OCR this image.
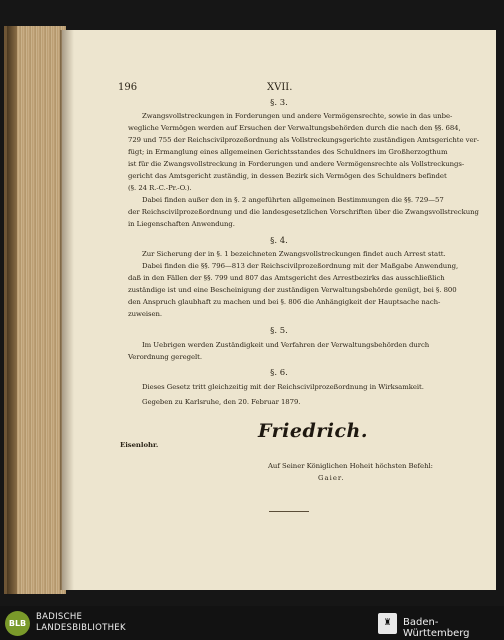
196	XVII.
§. 3.
Zwangsvollstreckungen in Forderungen und andere Vermögensrechte, sowie in das unbe-
wegliche Vermögen werden auf Ersuchen der Verwaltungsbehörden durch die nach den §§. 684,
729 und 755 der Reichscivilprozeßordnung als Vollstreckungsgerichte zuständigen Amtsgerichte ver-
fügt; in Ermanglung eines allgemeinen Gerichtsstandes des Schuldners im Großherzogthum
ist für die Zwangsvollstreckung in Forderungen und andere Vermögensrechte als Vollstreckungs-
gericht das Amtsgericht zuständig, in dessen Bezirk sich Vermögen des Schuldners befindet
(§. 24 R.-C.-Pr.-O.).
Dabei finden außer den in §. 2 angeführten allgemeinen Bestimmungen die §§. 729—57
der Reichscivilprozeßordnung und die landesgesetzlichen Vorschriften über die Zwangsvollstreckung
in Liegenschaften Anwendung.
§. 4.
Zur Sicherung der in §. 1 bezeichneten Zwangsvollstreckungen findet auch Arrest statt.
Dabei finden die §§. 796—813 der Reichscivilprozeßordnung mit der Maßgabe Anwendung,
daß in den Fällen der §§. 799 und 807 das Amtsgericht des Arrestbezirks das ausschließlich
zuständige ist und eine Bescheinigung der zuständigen Verwaltungsbehörde genügt, bei §. 800
den Anspruch glaubhaft zu machen und bei §. 806 die Anhängigkeit der Hauptsache nach-
zuweisen.
§. 5.
Im Uebrigen werden Zuständigkeit und Verfahren der Verwaltungsbehörden durch
Verordnung geregelt.
§. 6.
Dieses Gesetz tritt gleichzeitig mit der Reichscivilprozeßordnung in Wirksamkeit.
Gegeben zu Karlsruhe, den 20. Februar 1879.
Friedrich.
Eisenlohr.
Auf Seiner Königlichen Hoheit höchsten Befehl:
Gaier.
BLB
BADISCHE
LANDESBIBLIOTHEK	♜	Baden-Württemberg
